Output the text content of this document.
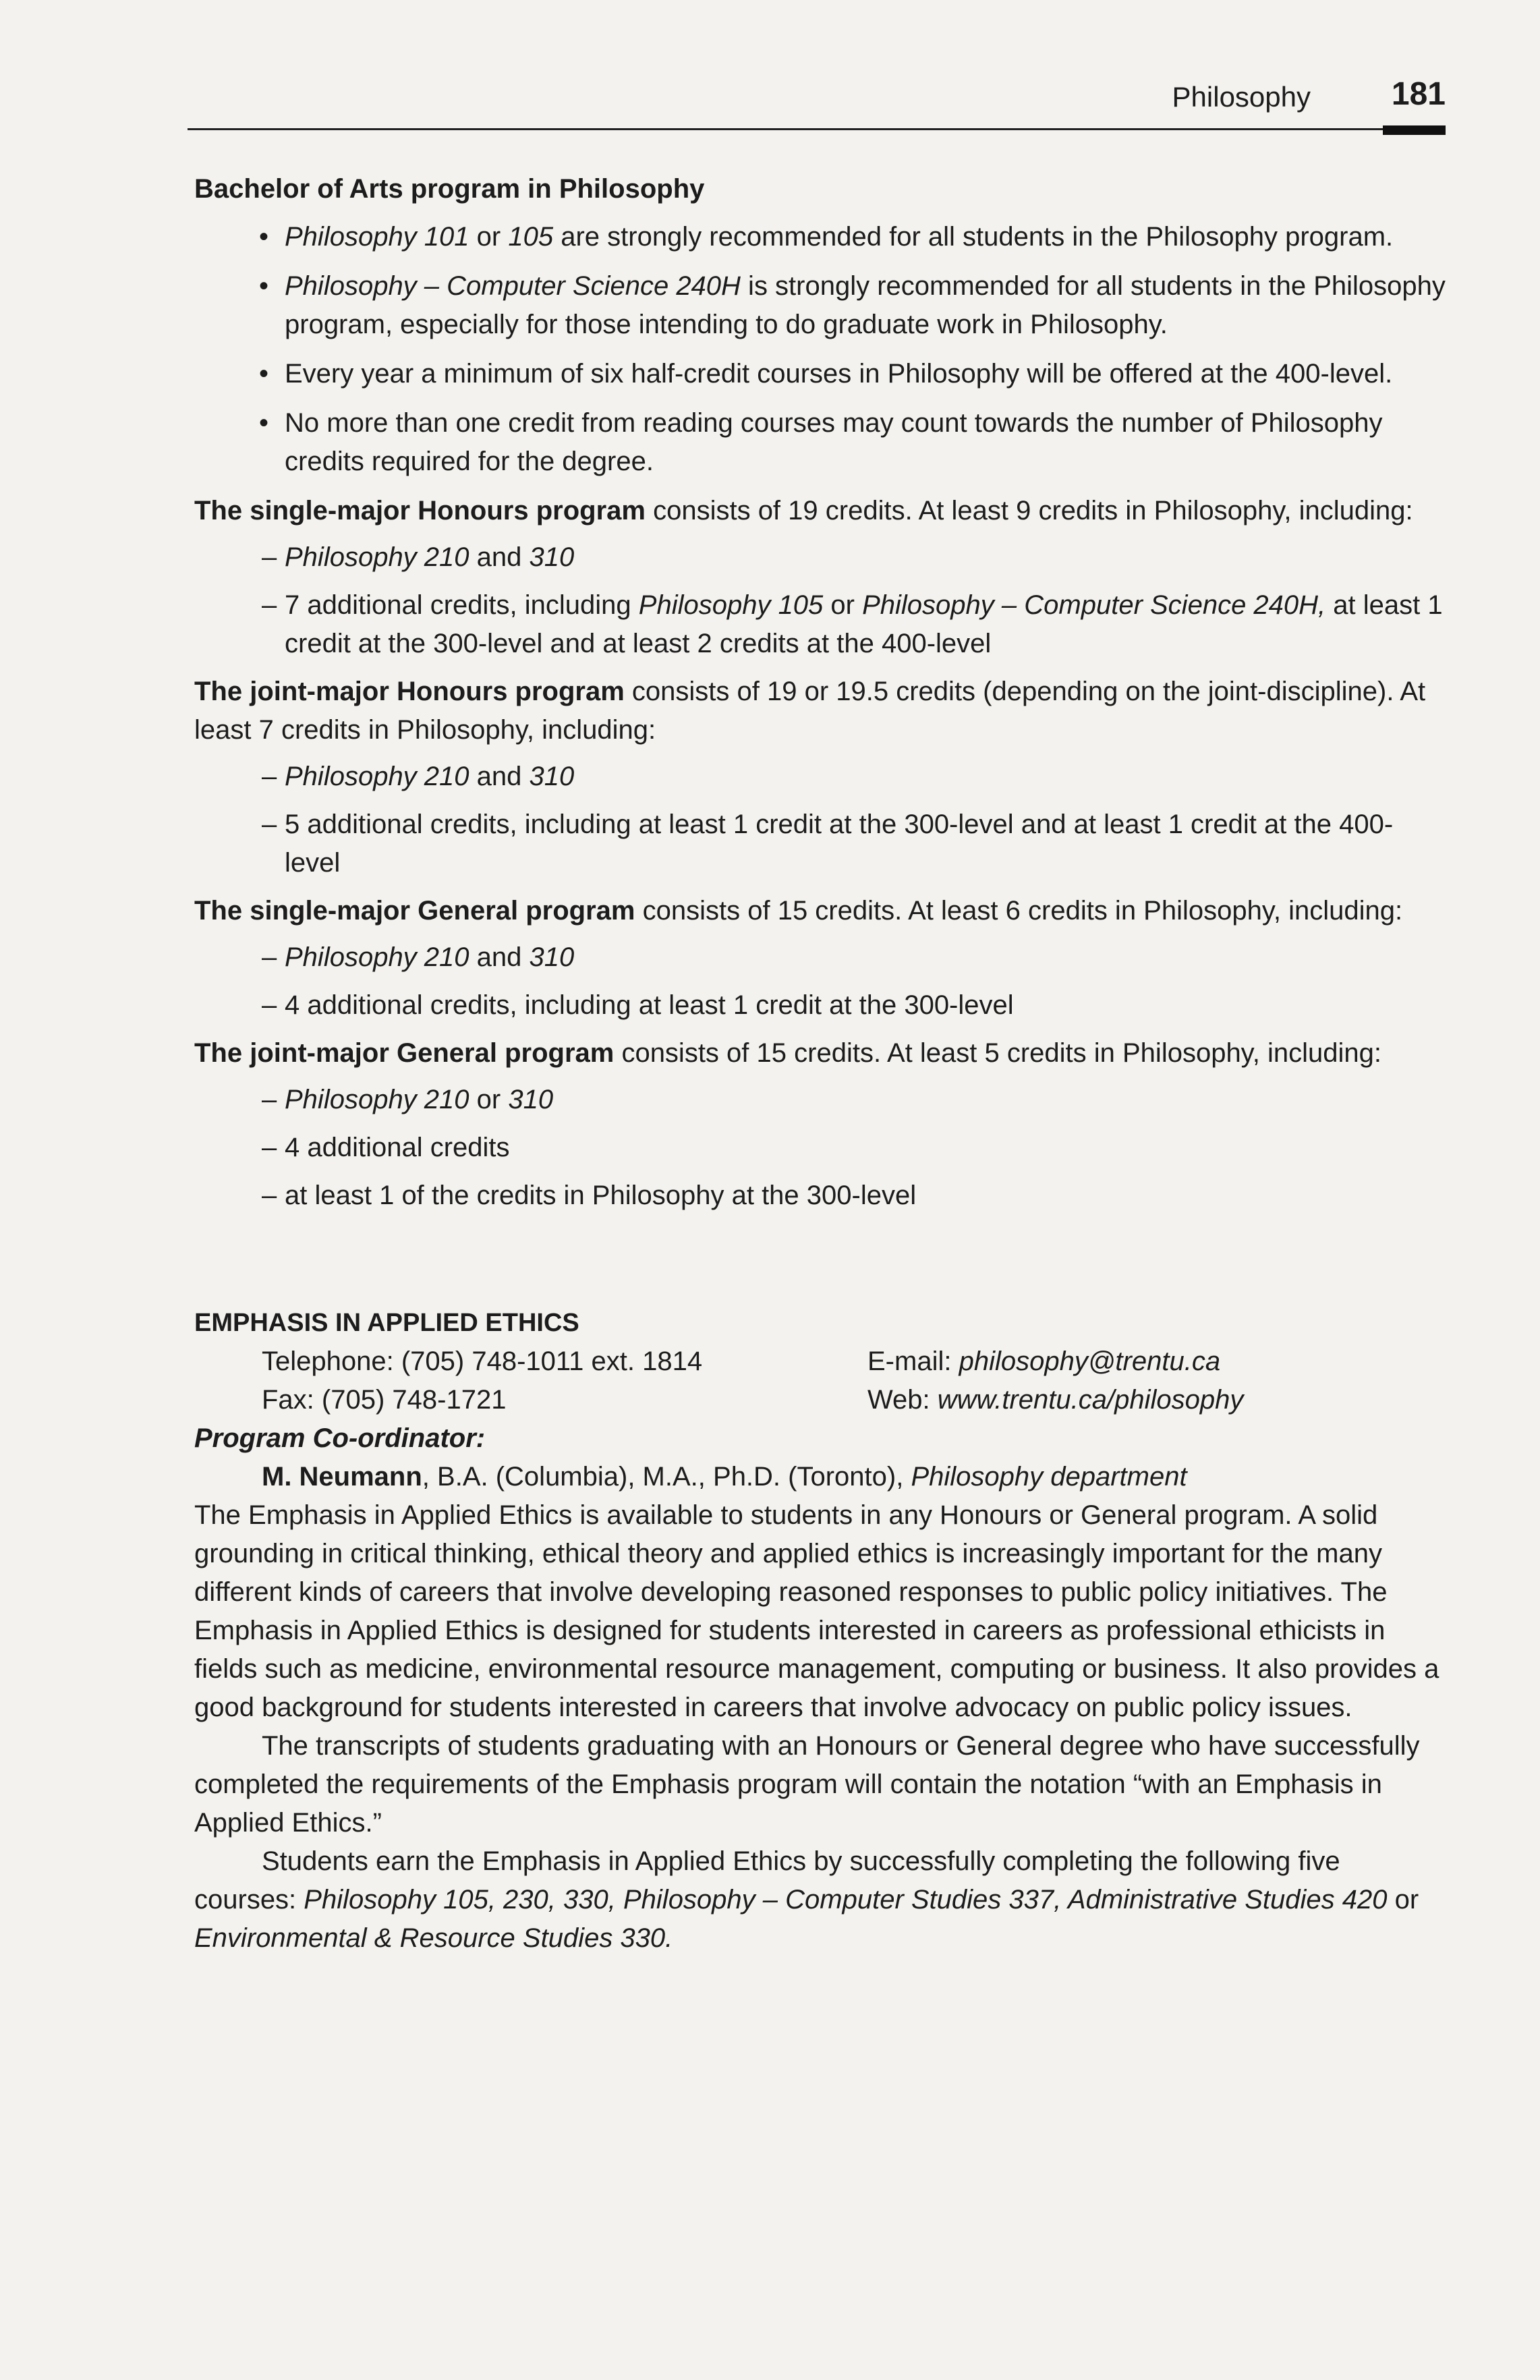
Philosophy 181

Bachelor of Arts program in Philosophy

• Philosophy 101 or 105 are strongly recommended for all students in the Philosophy program.
• Philosophy – Computer Science 240H is strongly recommended for all students in the Philosophy program, especially for those intending to do graduate work in Philosophy.
• Every year a minimum of six half-credit courses in Philosophy will be offered at the 400-level.
• No more than one credit from reading courses may count towards the number of Philosophy credits required for the degree.

The single-major Honours program consists of 19 credits. At least 9 credits in Philosophy, including:

– Philosophy 210 and 310
– 7 additional credits, including Philosophy 105 or Philosophy – Computer Science 240H, at least 1 credit at the 300-level and at least 2 credits at the 400-level

The joint-major Honours program consists of 19 or 19.5 credits (depending on the joint-discipline). At least 7 credits in Philosophy, including:

– Philosophy 210 and 310
– 5 additional credits, including at least 1 credit at the 300-level and at least 1 credit at the 400-level

The single-major General program consists of 15 credits. At least 6 credits in Philosophy, including:

– Philosophy 210 and 310
– 4 additional credits, including at least 1 credit at the 300-level

The joint-major General program consists of 15 credits. At least 5 credits in Philosophy, including:

– Philosophy 210 or 310
– 4 additional credits
– at least 1 of the credits in Philosophy at the 300-level

EMPHASIS IN APPLIED ETHICS

Telephone: (705) 748-1011 ext. 1814	E-mail: philosophy@trentu.ca
Fax: (705) 748-1721	Web: www.trentu.ca/philosophy

Program Co-ordinator:

M. Neumann, B.A. (Columbia), M.A., Ph.D. (Toronto), Philosophy department

The Emphasis in Applied Ethics is available to students in any Honours or General program. A solid grounding in critical thinking, ethical theory and applied ethics is increasingly important for the many different kinds of careers that involve developing reasoned responses to public policy initiatives. The Emphasis in Applied Ethics is designed for students interested in careers as professional ethicists in fields such as medicine, environmental resource management, computing or business. It also provides a good background for students interested in careers that involve advocacy on public policy issues.

The transcripts of students graduating with an Honours or General degree who have successfully completed the requirements of the Emphasis program will contain the notation “with an Emphasis in Applied Ethics.”

Students earn the Emphasis in Applied Ethics by successfully completing the following five courses: Philosophy 105, 230, 330, Philosophy – Computer Studies 337, Administrative Studies 420 or Environmental & Resource Studies 330.
